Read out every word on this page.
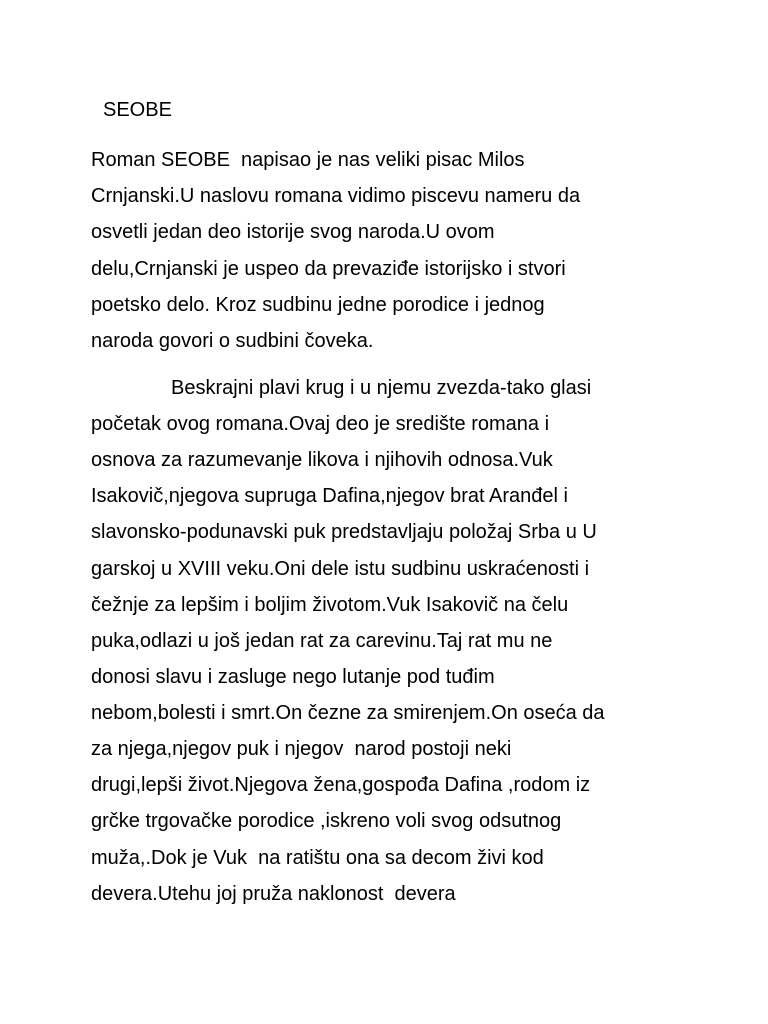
SEOBE
Roman SEOBE  napisao je nas veliki pisac Milos
Crnjanski.U naslovu romana vidimo piscevu nameru da
osvetli jedan deo istorije svog naroda.U ovom
delu,Crnjanski je uspeo da prevaziđe istorijsko i stvori
poetsko delo. Kroz sudbinu jedne porodice i jednog
naroda govori o sudbini čoveka.
Beskrajni plavi krug i u njemu zvezda-tako glasi
početak ovog romana.Ovaj deo je središte romana i
osnova za razumevanje likova i njihovih odnosa.Vuk
Isakovič,njegova supruga Dafina,njegov brat Aranđel i
slavonsko-podunavski puk predstavljaju položaj Srba u U
garskoj u XVIII veku.Oni dele istu sudbinu uskraćenosti i
čežnje za lepšim i boljim životom.Vuk Isakovič na čelu
puka,odlazi u još jedan rat za carevinu.Taj rat mu ne
donosi slavu i zasluge nego lutanje pod tuđim
nebom,bolesti i smrt.On čezne za smirenjem.On oseća da
za njega,njegov puk i njegov  narod postoji neki
drugi,lepši život.Njegova žena,gospođa Dafina ,rodom iz
grčke trgovačke porodice ,iskreno voli svog odsutnog
muža,.Dok je Vuk  na ratištu ona sa decom živi kod
devera.Utehu joj pruža naklonost  devera
